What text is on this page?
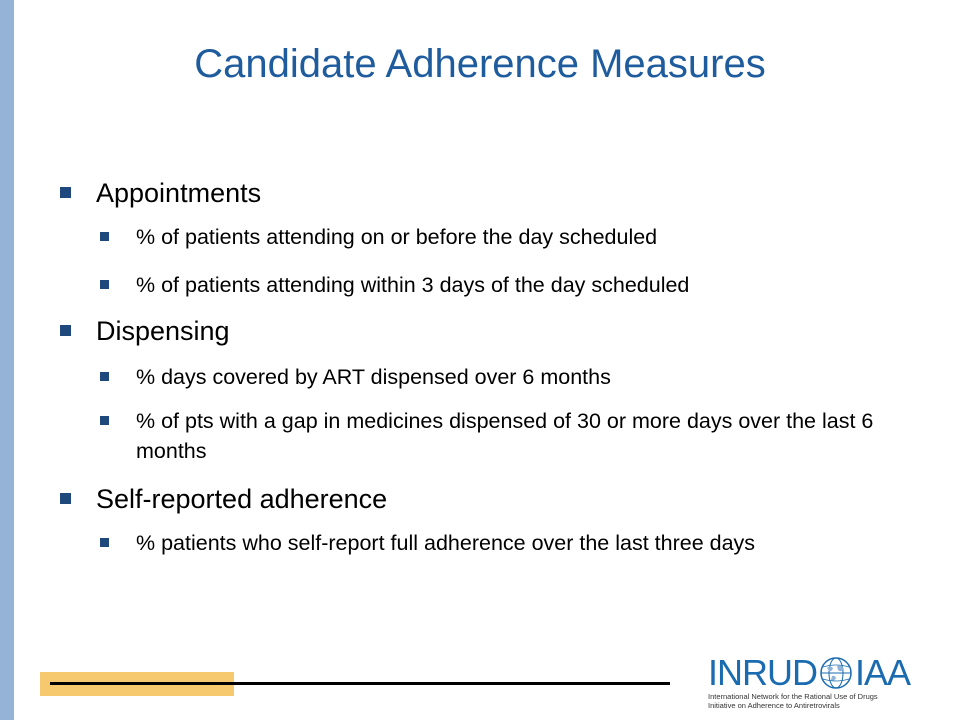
Candidate Adherence Measures
Appointments
% of patients attending on or before the day scheduled
% of patients attending within 3 days of the day scheduled
Dispensing
% days covered by ART dispensed over 6 months
% of pts with a gap in medicines dispensed of 30 or more days over the last 6 months
Self-reported adherence
% patients who self-report full adherence over the last three days
INRUD IAA
International Network for the Rational Use of Drugs
Initiative on Adherence to Antiretrovirals
